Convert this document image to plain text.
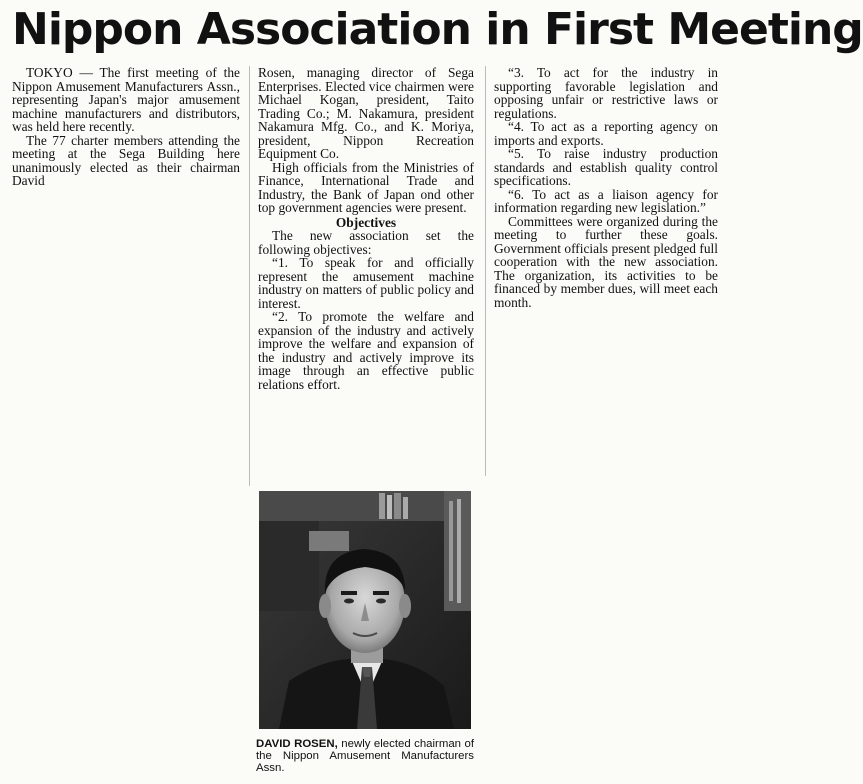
Nippon Association in First Meeting

TOKYO — The first meeting of the Nippon Amusement Manufacturers Assn., representing Japan's major amusement machine manufacturers and distributors, was held here recently.

The 77 charter members attending the meeting at the Sega Building here unanimously elected as their chairman David

Rosen, managing director of Sega Enterprises. Elected vice chairmen were Michael Kogan, president, Taito Trading Co.; M. Nakamura, president Nakamura Mfg. Co., and K. Moriya, president, Nippon Recreation Equipment Co.

High officials from the Ministries of Finance, International Trade and Industry, the Bank of Japan ond other top government agencies were present.

Objectives

The new association set the following objectives:

“1. To speak for and officially represent the amusement machine industry on matters of public policy and interest.

“2. To promote the welfare and expansion of the industry and actively improve the welfare and expansion of the industry and actively improve its image through an effective public relations effort.

“3. To act for the industry in supporting favorable legislation and opposing unfair or restrictive laws or regulations.

“4. To act as a reporting agency on imports and exports.

“5. To raise industry production standards and establish quality control specifications.

“6. To act as a liaison agency for information regarding new legislation.”

Committees were organized during the meeting to further these goals. Government officials present pledged full cooperation with the new association. The organization, its activities to be financed by member dues, will meet each month.

DAVID ROSEN, newly elected chairman of the Nippon Amusement Manufacturers Assn.
